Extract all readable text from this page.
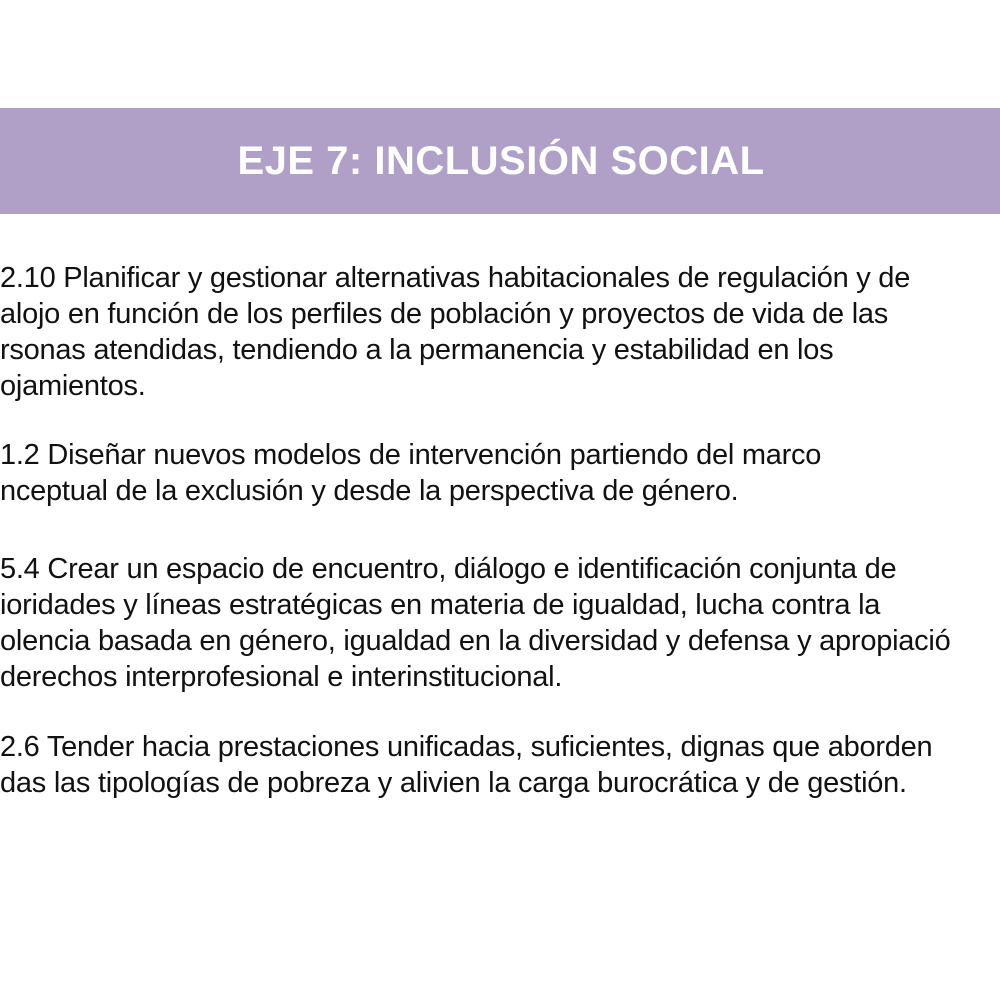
EJE 7: INCLUSIÓN SOCIAL
2.10 Planificar y gestionar alternativas habitacionales de regulación y de
alojo en función de los perfiles de población y proyectos de vida de las
rsonas atendidas, tendiendo a la permanencia y estabilidad en los
ojamientos.
1.2 Diseñar nuevos modelos de intervención partiendo del marco
nceptual de la exclusión y desde la perspectiva de género.
5.4 Crear un espacio de encuentro, diálogo e identificación conjunta de
ioridades y líneas estratégicas en materia de igualdad, lucha contra la
olencia basada en género, igualdad en la diversidad y defensa y apropiació
derechos interprofesional e interinstitucional.
2.6 Tender hacia prestaciones unificadas, suficientes, dignas que aborden
das las tipologías de pobreza y alivien la carga burocrática y de gestión.
